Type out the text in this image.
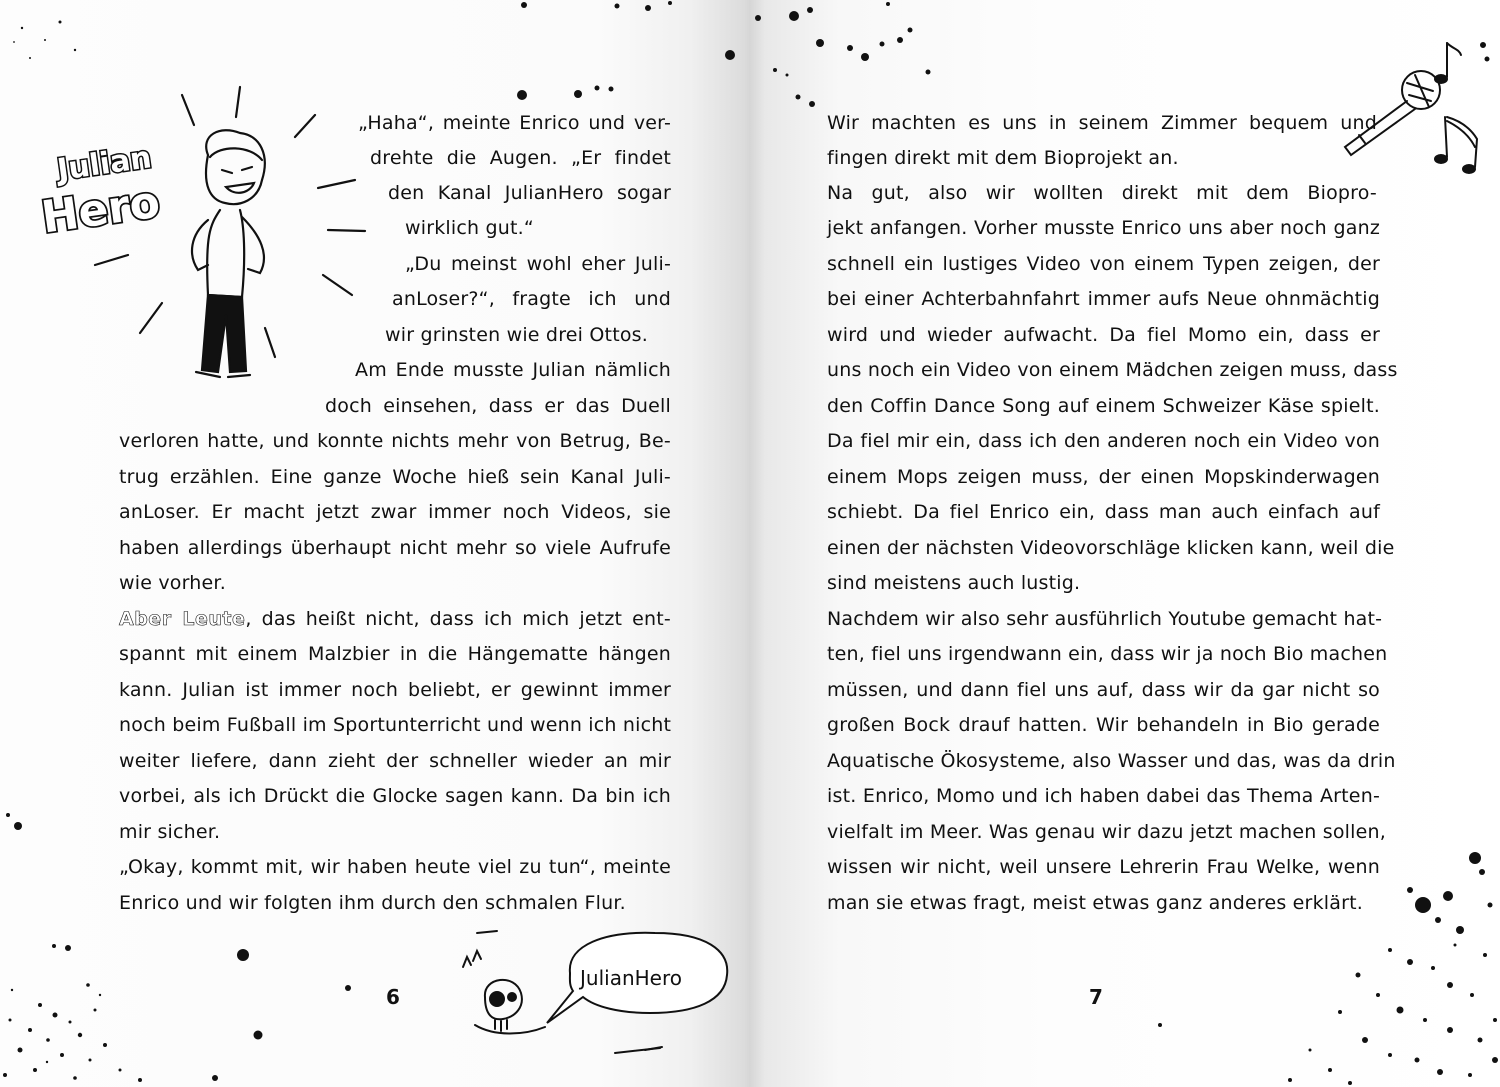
Julian
Hero
„Haha“, meinte Enrico und ver-
drehte die Augen. „Er findet
den Kanal JulianHero sogar
wirklich gut.“
„Du meinst wohl eher Juli-
anLoser?“, fragte ich und
wir grinsten wie drei Ottos.
Am Ende musste Julian nämlich
doch einsehen, dass er das Duell
verloren hatte, und konnte nichts mehr von Betrug, Be-
trug erzählen. Eine ganze Woche hieß sein Kanal Juli-
anLoser. Er macht jetzt zwar immer noch Videos, sie
haben allerdings überhaupt nicht mehr so viele Aufrufe
wie vorher.
Aber Leute, das heißt nicht, dass ich mich jetzt ent-
spannt mit einem Malzbier in die Hängematte hängen
kann. Julian ist immer noch beliebt, er gewinnt immer
noch beim Fußball im Sportunterricht und wenn ich nicht
weiter liefere, dann zieht der schneller wieder an mir
vorbei, als ich Drückt die Glocke sagen kann. Da bin ich
mir sicher.
„Okay, kommt mit, wir haben heute viel zu tun“, meinte
Enrico und wir folgten ihm durch den schmalen Flur.
6
JulianHero
Wir machten es uns in seinem Zimmer bequem und
fingen direkt mit dem Bioprojekt an.
Na gut, also wir wollten direkt mit dem Biopro-
jekt anfangen. Vorher musste Enrico uns aber noch ganz
schnell ein lustiges Video von einem Typen zeigen, der
bei einer Achterbahnfahrt immer aufs Neue ohnmächtig
wird und wieder aufwacht. Da fiel Momo ein, dass er
uns noch ein Video von einem Mädchen zeigen muss, dass
den Coffin Dance Song auf einem Schweizer Käse spielt.
Da fiel mir ein, dass ich den anderen noch ein Video von
einem Mops zeigen muss, der einen Mopskinderwagen
schiebt. Da fiel Enrico ein, dass man auch einfach auf
einen der nächsten Videovorschläge klicken kann, weil die
sind meistens auch lustig.
Nachdem wir also sehr ausführlich Youtube gemacht hat-
ten, fiel uns irgendwann ein, dass wir ja noch Bio machen
müssen, und dann fiel uns auf, dass wir da gar nicht so
großen Bock drauf hatten. Wir behandeln in Bio gerade
Aquatische Ökosysteme, also Wasser und das, was da drin
ist. Enrico, Momo und ich haben dabei das Thema Arten-
vielfalt im Meer. Was genau wir dazu jetzt machen sollen,
wissen wir nicht, weil unsere Lehrerin Frau Welke, wenn
man sie etwas fragt, meist etwas ganz anderes erklärt.
7
